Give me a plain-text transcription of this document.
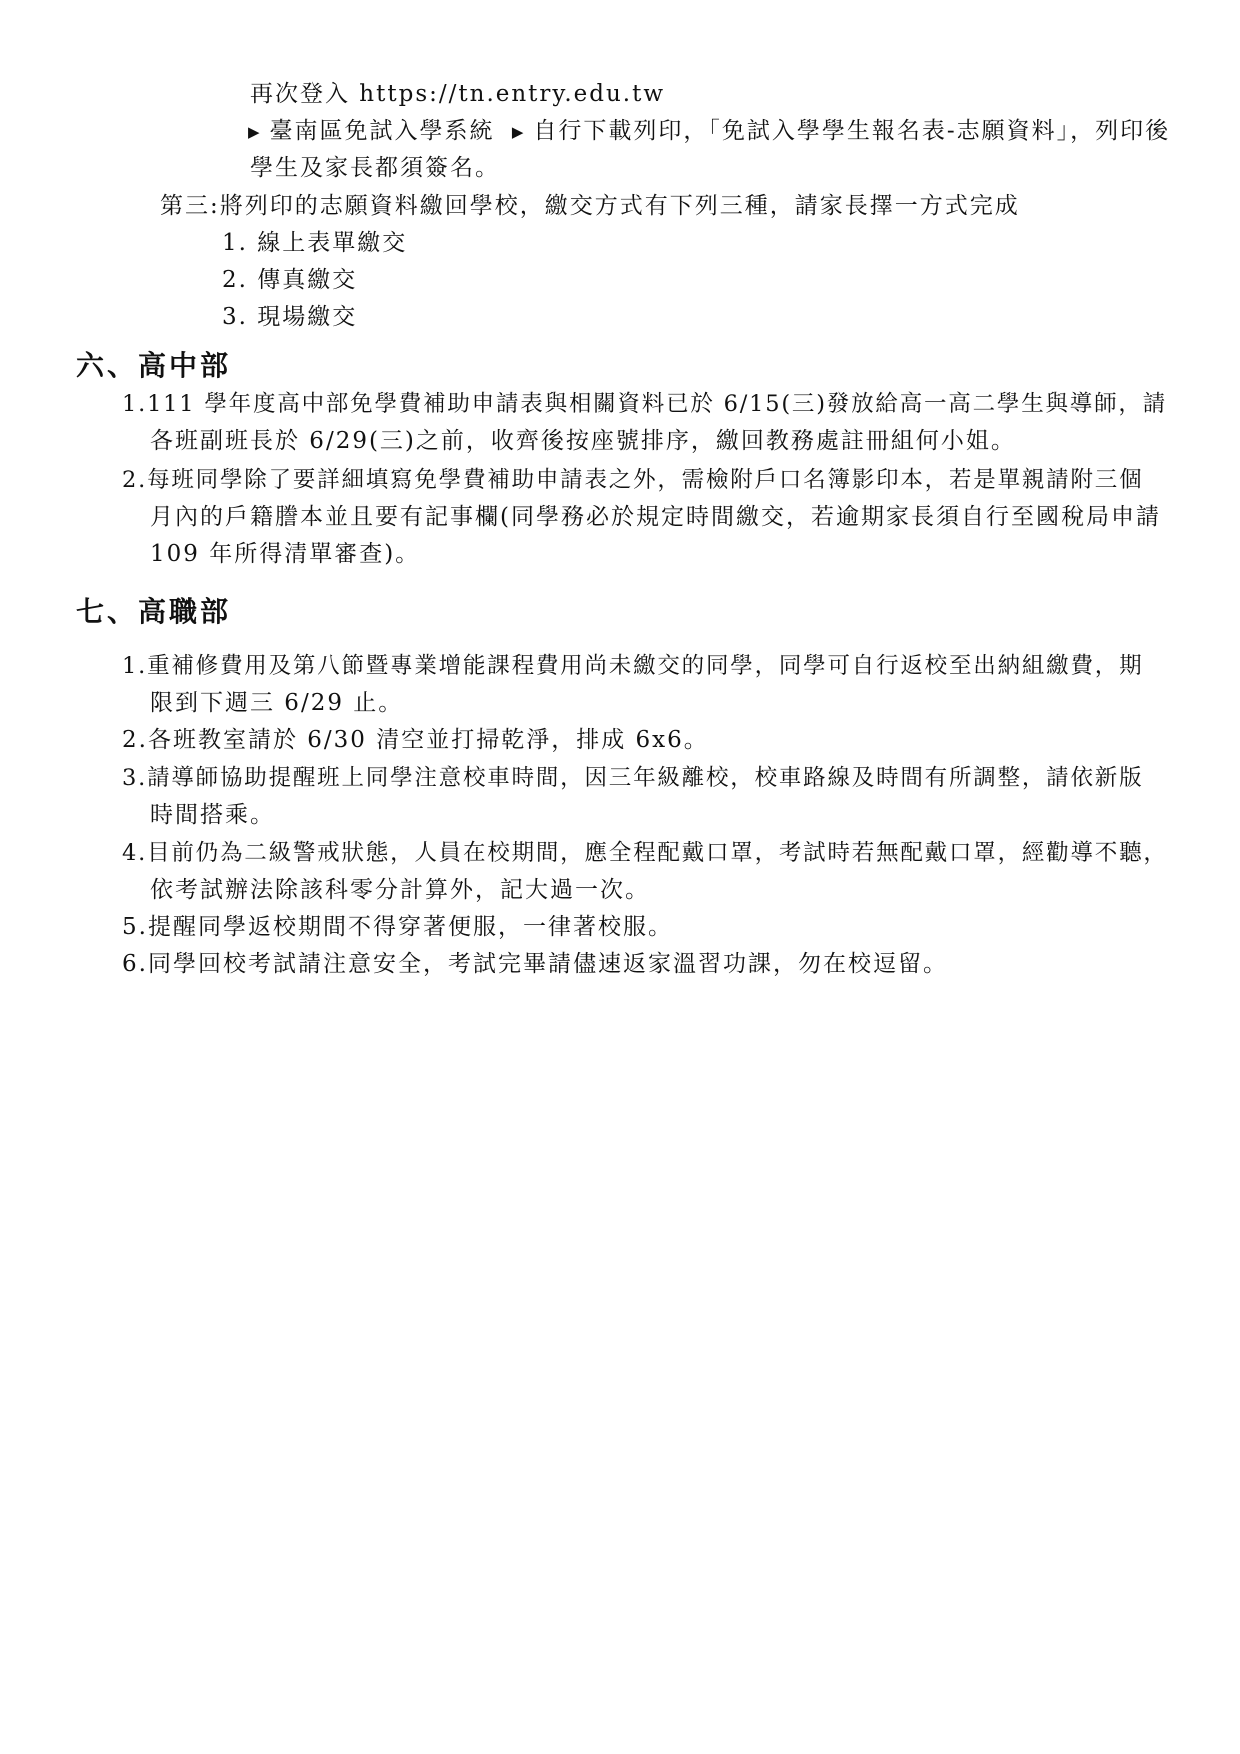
再次登入 https://tn.entry.edu.tw
▶ 臺南區免試入學系統 ▶ 自行下載列印，「免試入學學生報名表-志願資料」，列印後
學生及家長都須簽名。
第三:將列印的志願資料繳回學校，繳交方式有下列三種，請家長擇一方式完成
1. 線上表單繳交
2. 傳真繳交
3. 現場繳交
六、高中部
1.111 學年度高中部免學費補助申請表與相關資料已於 6/15(三)發放給高一高二學生與導師，請
各班副班長於 6/29(三)之前，收齊後按座號排序，繳回教務處註冊組何小姐。
2.每班同學除了要詳細填寫免學費補助申請表之外，需檢附戶口名簿影印本，若是單親請附三個
月內的戶籍謄本並且要有記事欄(同學務必於規定時間繳交，若逾期家長須自行至國稅局申請
109 年所得清單審查)。
七、高職部
1.重補修費用及第八節暨專業增能課程費用尚未繳交的同學，同學可自行返校至出納組繳費，期
限到下週三 6/29 止。
2.各班教室請於 6/30 清空並打掃乾淨，排成 6x6。
3.請導師協助提醒班上同學注意校車時間，因三年級離校，校車路線及時間有所調整，請依新版
時間搭乘。
4.目前仍為二級警戒狀態，人員在校期間，應全程配戴口罩，考試時若無配戴口罩，經勸導不聽，
依考試辦法除該科零分計算外，記大過一次。
5.提醒同學返校期間不得穿著便服，一律著校服。
6.同學回校考試請注意安全，考試完畢請儘速返家溫習功課，勿在校逗留。
